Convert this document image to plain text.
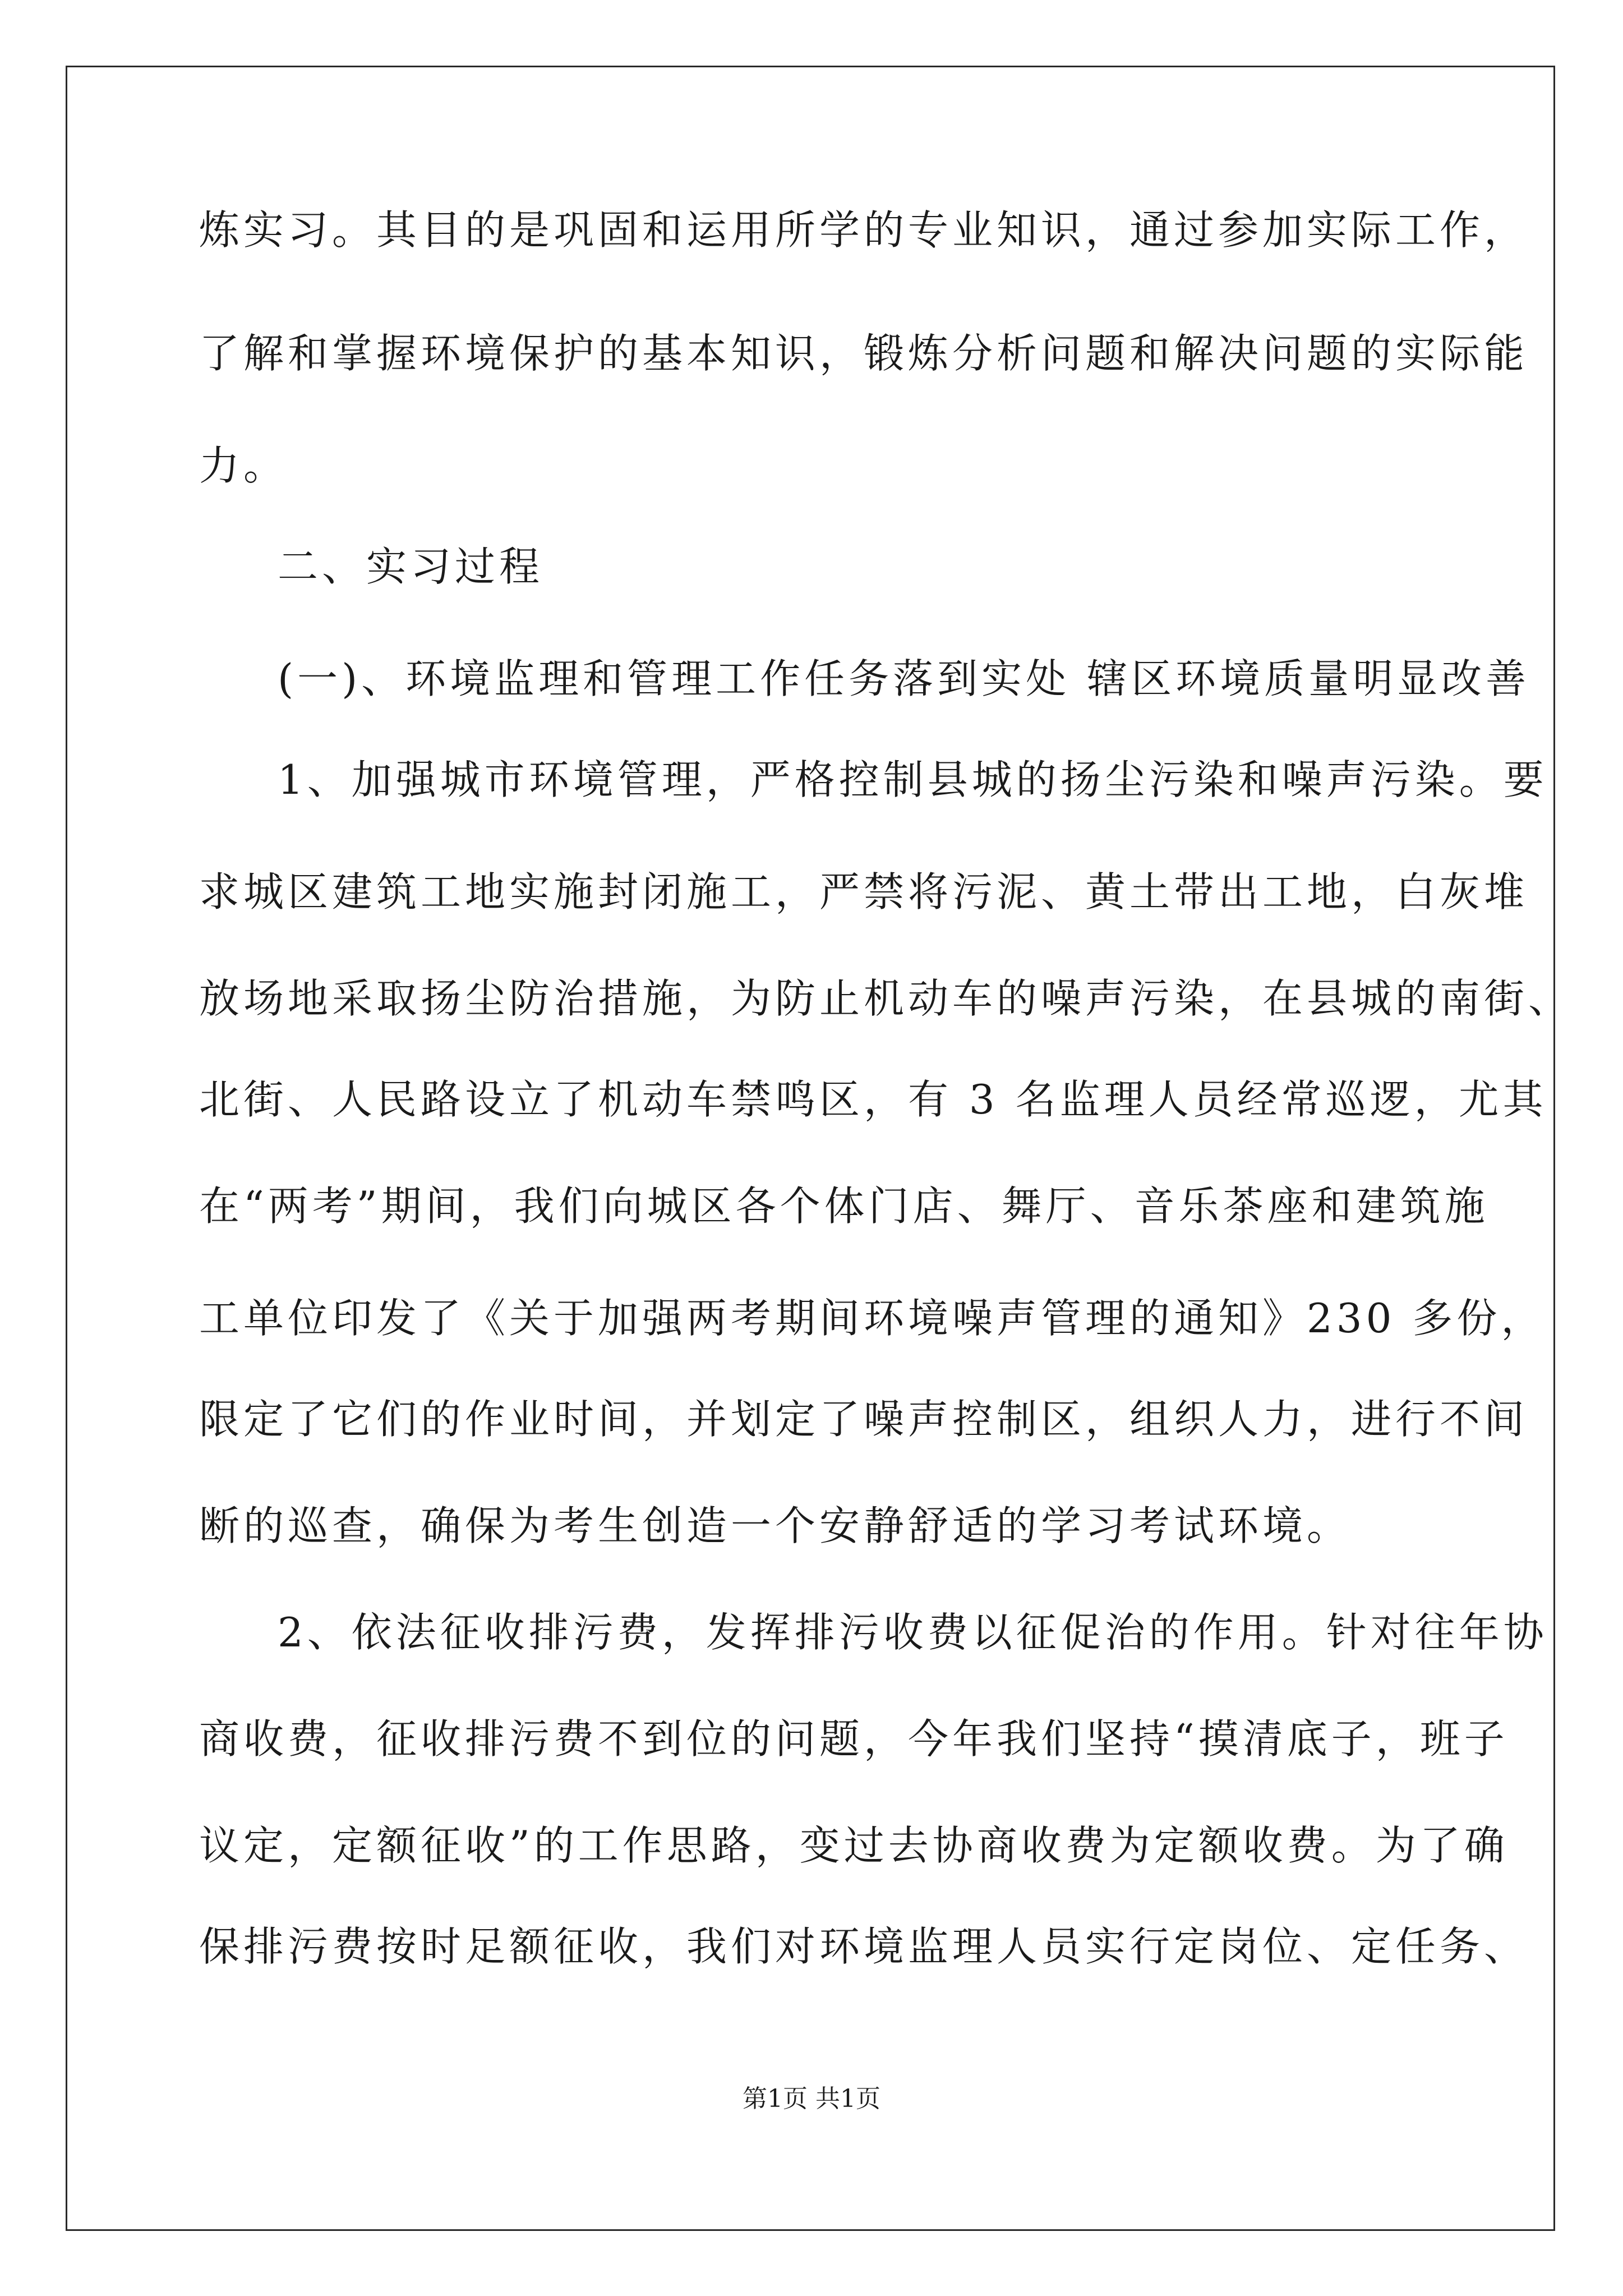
炼实习。其目的是巩固和运用所学的专业知识，通过参加实际工作，
了解和掌握环境保护的基本知识，锻炼分析问题和解决问题的实际能
力。
二、实习过程
(一)、环境监理和管理工作任务落到实处 辖区环境质量明显改善
1、加强城市环境管理，严格控制县城的扬尘污染和噪声污染。要
求城区建筑工地实施封闭施工，严禁将污泥、黄土带出工地，白灰堆
放场地采取扬尘防治措施，为防止机动车的噪声污染，在县城的南街、
北街、人民路设立了机动车禁鸣区，有 3 名监理人员经常巡逻，尤其
在“两考”期间，我们向城区各个体门店、舞厅、音乐茶座和建筑施
工单位印发了《关于加强两考期间环境噪声管理的通知》230 多份，
限定了它们的作业时间，并划定了噪声控制区，组织人力，进行不间
断的巡查，确保为考生创造一个安静舒适的学习考试环境。
2、依法征收排污费，发挥排污收费以征促治的作用。针对往年协
商收费，征收排污费不到位的问题，今年我们坚持“摸清底子，班子
议定，定额征收”的工作思路，变过去协商收费为定额收费。为了确
保排污费按时足额征收，我们对环境监理人员实行定岗位、定任务、
第1页 共1页
